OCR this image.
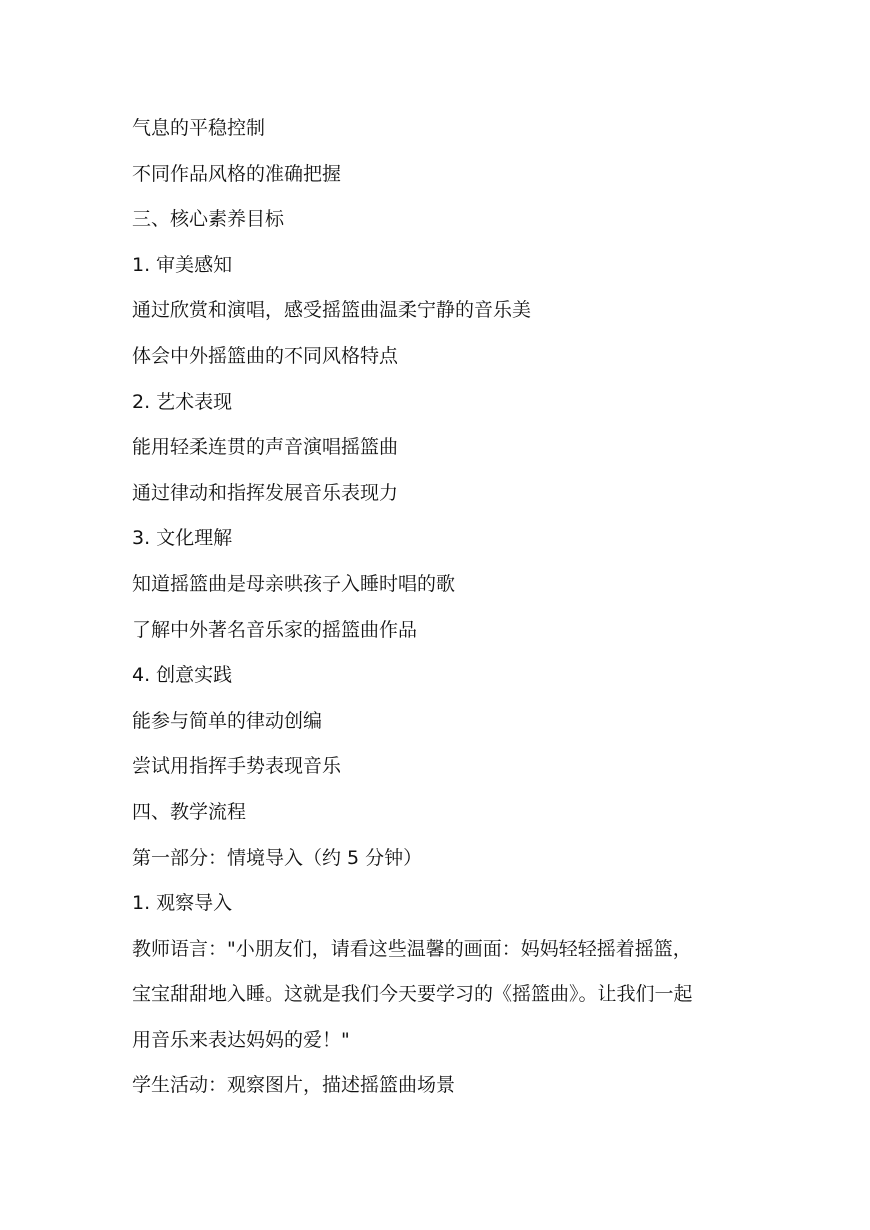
气息的平稳控制
不同作品风格的准确把握
三、核心素养目标
1. 审美感知
通过欣赏和演唱，感受摇篮曲温柔宁静的音乐美
体会中外摇篮曲的不同风格特点
2. 艺术表现
能用轻柔连贯的声音演唱摇篮曲
通过律动和指挥发展音乐表现力
3. 文化理解
知道摇篮曲是母亲哄孩子入睡时唱的歌
了解中外著名音乐家的摇篮曲作品
4. 创意实践
能参与简单的律动创编
尝试用指挥手势表现音乐
四、教学流程
第一部分：情境导入（约 5 分钟）
1. 观察导入
教师语言："小朋友们，请看这些温馨的画面：妈妈轻轻摇着摇篮，
宝宝甜甜地入睡。这就是我们今天要学习的《摇篮曲》。让我们一起
用音乐来表达妈妈的爱！"
学生活动：观察图片，描述摇篮曲场景
